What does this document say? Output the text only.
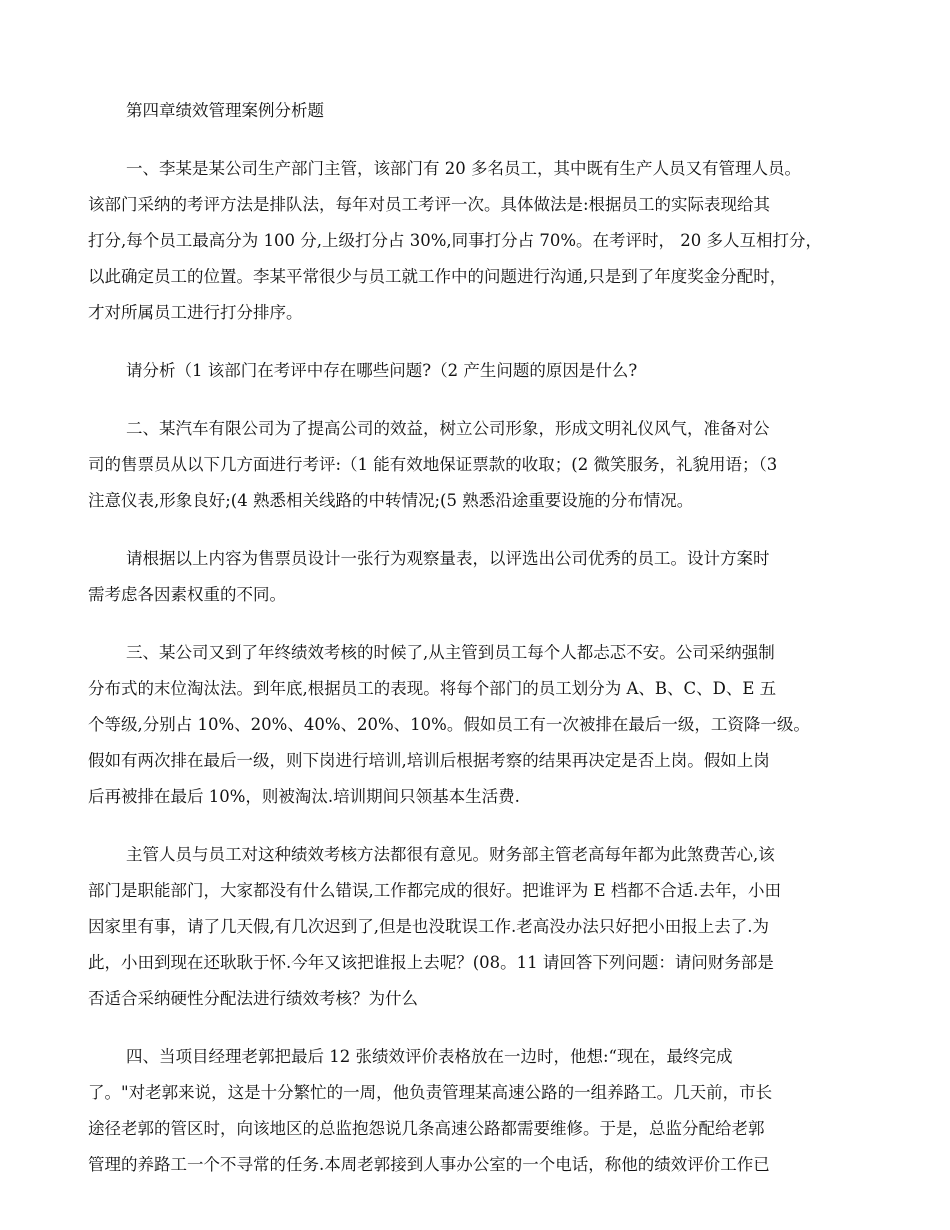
第四章绩效管理案例分析题
一、李某是某公司生产部门主管，该部门有 20 多名员工，其中既有生产人员又有管理人员。
该部门采纳的考评方法是排队法，每年对员工考评一次。具体做法是:根据员工的实际表现给其
打分,每个员工最高分为 100 分,上级打分占 30%,同事打分占 70%。在考评时， 20 多人互相打分，
以此确定员工的位置。李某平常很少与员工就工作中的问题进行沟通,只是到了年度奖金分配时，
才对所属员工进行打分排序。
请分析（1 该部门在考评中存在哪些问题?（2 产生问题的原因是什么?
二、某汽车有限公司为了提高公司的效益，树立公司形象，形成文明礼仪风气，准备对公
司的售票员从以下几方面进行考评:（1 能有效地保证票款的收取；(2 微笑服务，礼貌用语；（3
注意仪表,形象良好;(4 熟悉相关线路的中转情况;(5 熟悉沿途重要设施的分布情况。
请根据以上内容为售票员设计一张行为观察量表，以评选出公司优秀的员工。设计方案时
需考虑各因素权重的不同。
三、某公司又到了年终绩效考核的时候了,从主管到员工每个人都忐忑不安。公司采纳强制
分布式的末位淘汰法。到年底,根据员工的表现。将每个部门的员工划分为 A、B、C、D、E 五
个等级,分别占 10%、20%、40%、20%、10%。假如员工有一次被排在最后一级，工资降一级。
假如有两次排在最后一级，则下岗进行培训,培训后根据考察的结果再决定是否上岗。假如上岗
后再被排在最后 10%，则被淘汰.培训期间只领基本生活费.
主管人员与员工对这种绩效考核方法都很有意见。财务部主管老高每年都为此煞费苦心,该
部门是职能部门，大家都没有什么错误,工作都完成的很好。把谁评为 E 档都不合适.去年，小田
因家里有事，请了几天假,有几次迟到了,但是也没耽误工作.老高没办法只好把小田报上去了.为
此，小田到现在还耿耿于怀.今年又该把谁报上去呢？(08。11 请回答下列问题：请问财务部是
否适合采纳硬性分配法进行绩效考核？为什么
四、当项目经理老郭把最后 12 张绩效评价表格放在一边时，他想:“现在，最终完成
了。"对老郭来说，这是十分繁忙的一周，他负责管理某高速公路的一组养路工。几天前，市长
途径老郭的管区时，向该地区的总监抱怨说几条高速公路都需要维修。于是，总监分配给老郭
管理的养路工一个不寻常的任务.本周老郭接到人事办公室的一个电话，称他的绩效评价工作已
